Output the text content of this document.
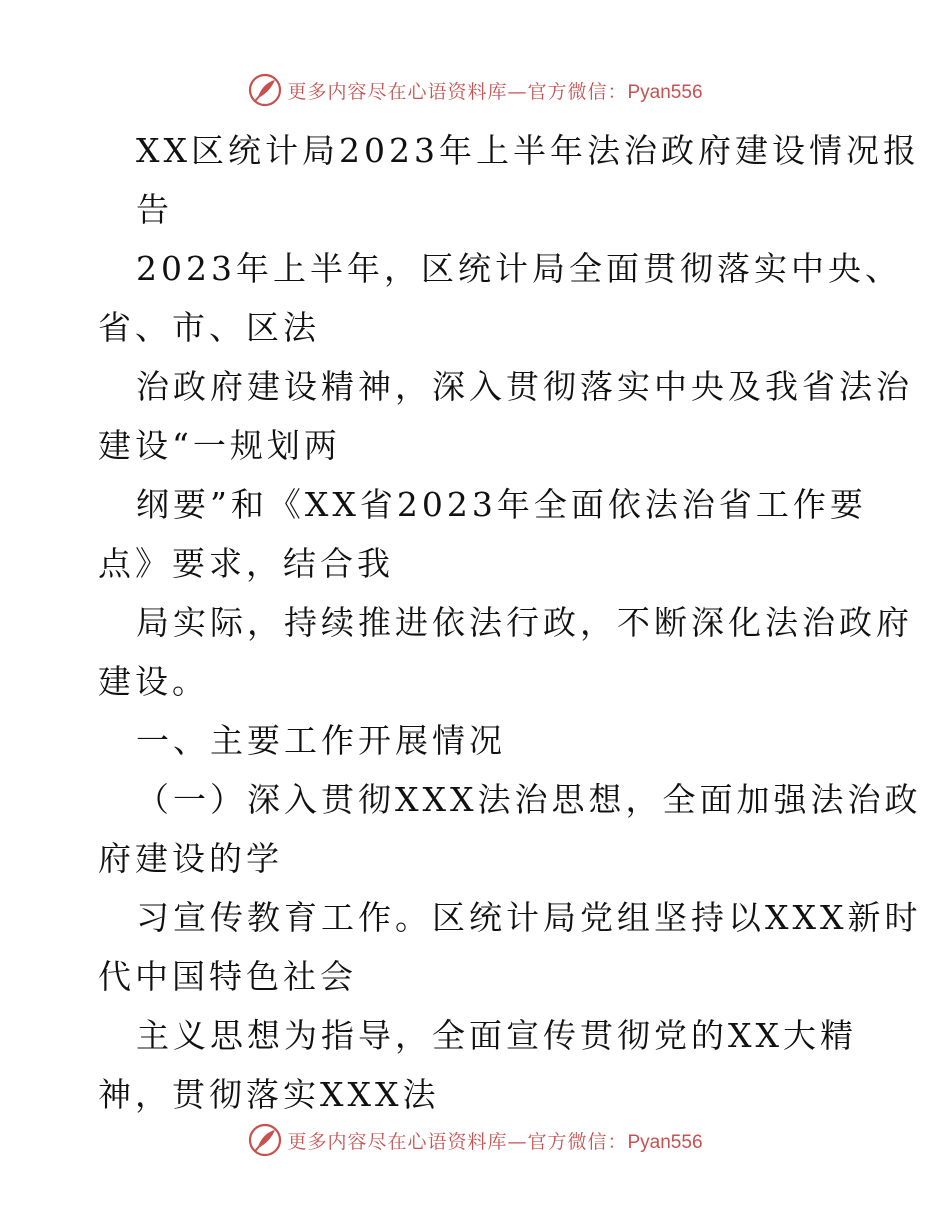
更多内容尽在心语资料库—官方微信：Pyan556
XX区统计局2023年上半年法治政府建设情况报
告
2023年上半年，区统计局全面贯彻落实中央、
省、市、区法
治政府建设精神，深入贯彻落实中央及我省法治
建设“一规划两
纲要”和《XX省2023年全面依法治省工作要
点》要求，结合我
局实际，持续推进依法行政，不断深化法治政府
建设。
一、主要工作开展情况
（一）深入贯彻XXX法治思想，全面加强法治政
府建设的学
习宣传教育工作。区统计局党组坚持以XXX新时
代中国特色社会
主义思想为指导，全面宣传贯彻党的XX大精
神，贯彻落实XXX法
更多内容尽在心语资料库—官方微信：Pyan556
